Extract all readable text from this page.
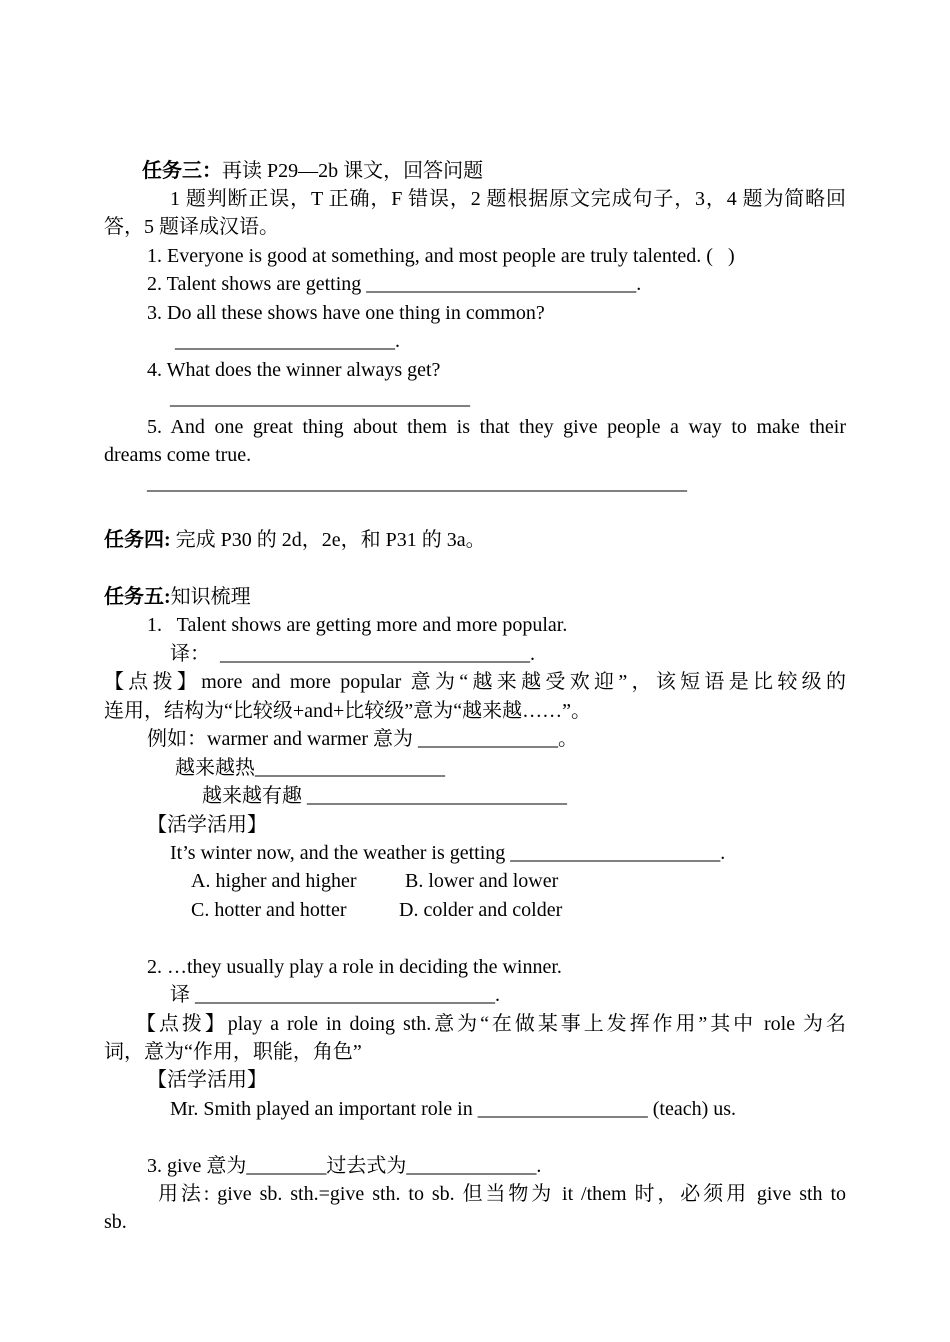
任务三：再读 P29—2b 课文，回答问题
1 题判断正误，T 正确，F 错误，2 题根据原文完成句子，3，4 题为简略回
答，5 题译成汉语。
1. Everyone is good at something, and most people are truly talented. (   )
2. Talent shows are getting ___________________________.
3. Do all these shows have one thing in common?
______________________.
4. What does the winner always get?
______________________________
5. And one great thing about them is that they give people a way to make their
dreams come true.
______________________________________________________
任务四: 完成 P30 的 2d，2e，和 P31 的 3a。
任务五:知识梳理
1.   Talent shows are getting more and more popular.
译：  _______________________________.
【点拨】more and more popular 意为“越来越受欢迎”，该短语是比较级的
连用，结构为“比较级+and+比较级”意为“越来越……”。
例如：warmer and warmer 意为 ______________。
越来越热___________________
越来越有趣 __________________________
【活学活用】
It’s winter now, and the weather is getting _____________________.
A. higher and higher B. lower and lower
C. hotter and hotter	D. colder and colder
2. …they usually play a role in deciding the winner.
译 ______________________________.
【点拨】play a role in doing sth.意为“在做某事上发挥作用”其中 role 为名
词，意为“作用，职能，角色”
【活学活用】
Mr. Smith played an important role in _________________ (teach) us.
3. give 意为________过去式为_____________.
用法: give sb. sth.=give sth. to sb. 但当物为 it /them 时，必须用 give sth to
sb.
